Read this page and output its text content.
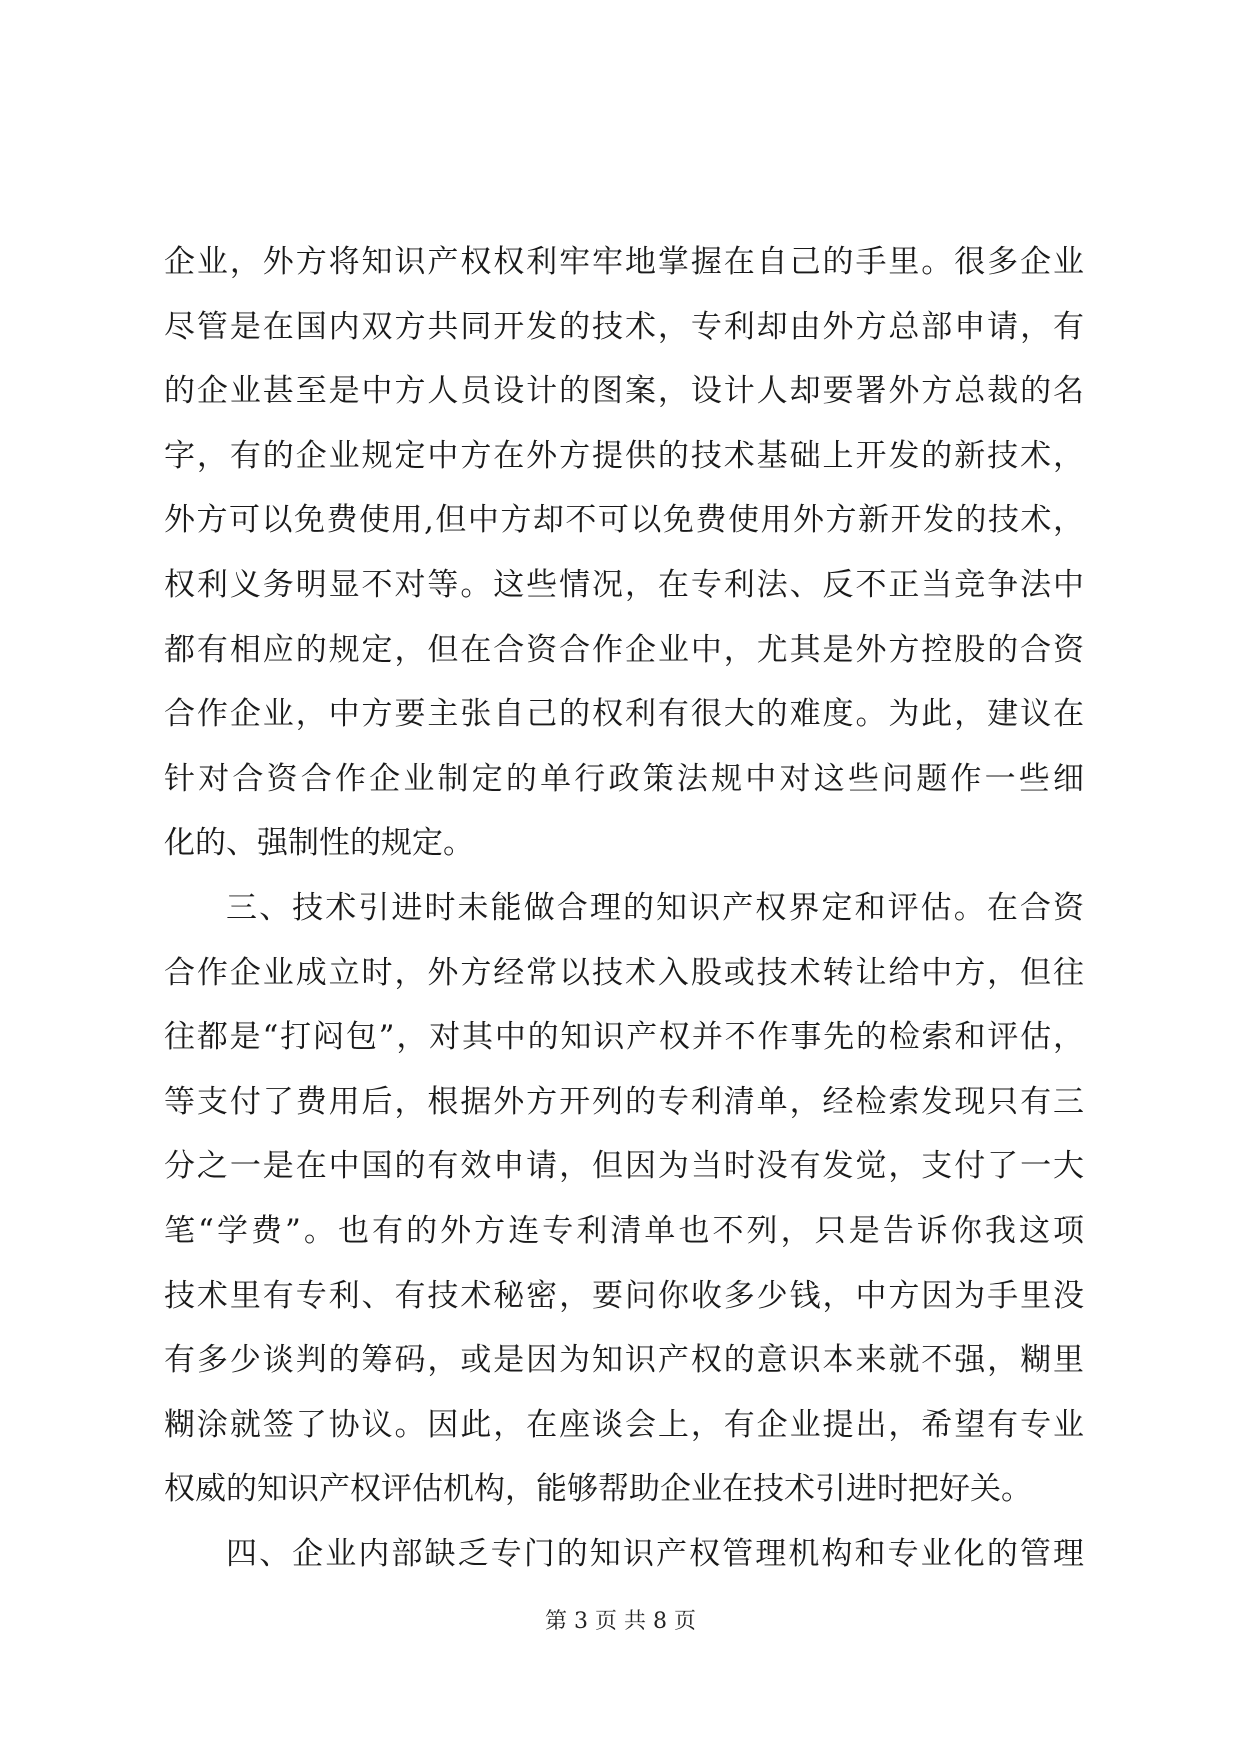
企业，外方将知识产权权利牢牢地掌握在自己的手里。很多企业
尽管是在国内双方共同开发的技术，专利却由外方总部申请，有
的企业甚至是中方人员设计的图案，设计人却要署外方总裁的名
字，有的企业规定中方在外方提供的技术基础上开发的新技术，
外方可以免费使用,但中方却不可以免费使用外方新开发的技术，
权利义务明显不对等。这些情况，在专利法、反不正当竞争法中
都有相应的规定，但在合资合作企业中，尤其是外方控股的合资
合作企业，中方要主张自己的权利有很大的难度。为此，建议在
针对合资合作企业制定的单行政策法规中对这些问题作一些细
化的、强制性的规定。
三、技术引进时未能做合理的知识产权界定和评估。在合资
合作企业成立时，外方经常以技术入股或技术转让给中方，但往
往都是“打闷包”，对其中的知识产权并不作事先的检索和评估，
等支付了费用后，根据外方开列的专利清单，经检索发现只有三
分之一是在中国的有效申请，但因为当时没有发觉，支付了一大
笔“学费”。也有的外方连专利清单也不列，只是告诉你我这项
技术里有专利、有技术秘密，要问你收多少钱，中方因为手里没
有多少谈判的筹码，或是因为知识产权的意识本来就不强，糊里
糊涂就签了协议。因此，在座谈会上，有企业提出，希望有专业
权威的知识产权评估机构，能够帮助企业在技术引进时把好关。
四、企业内部缺乏专门的知识产权管理机构和专业化的管理
第 3 页 共 8 页
